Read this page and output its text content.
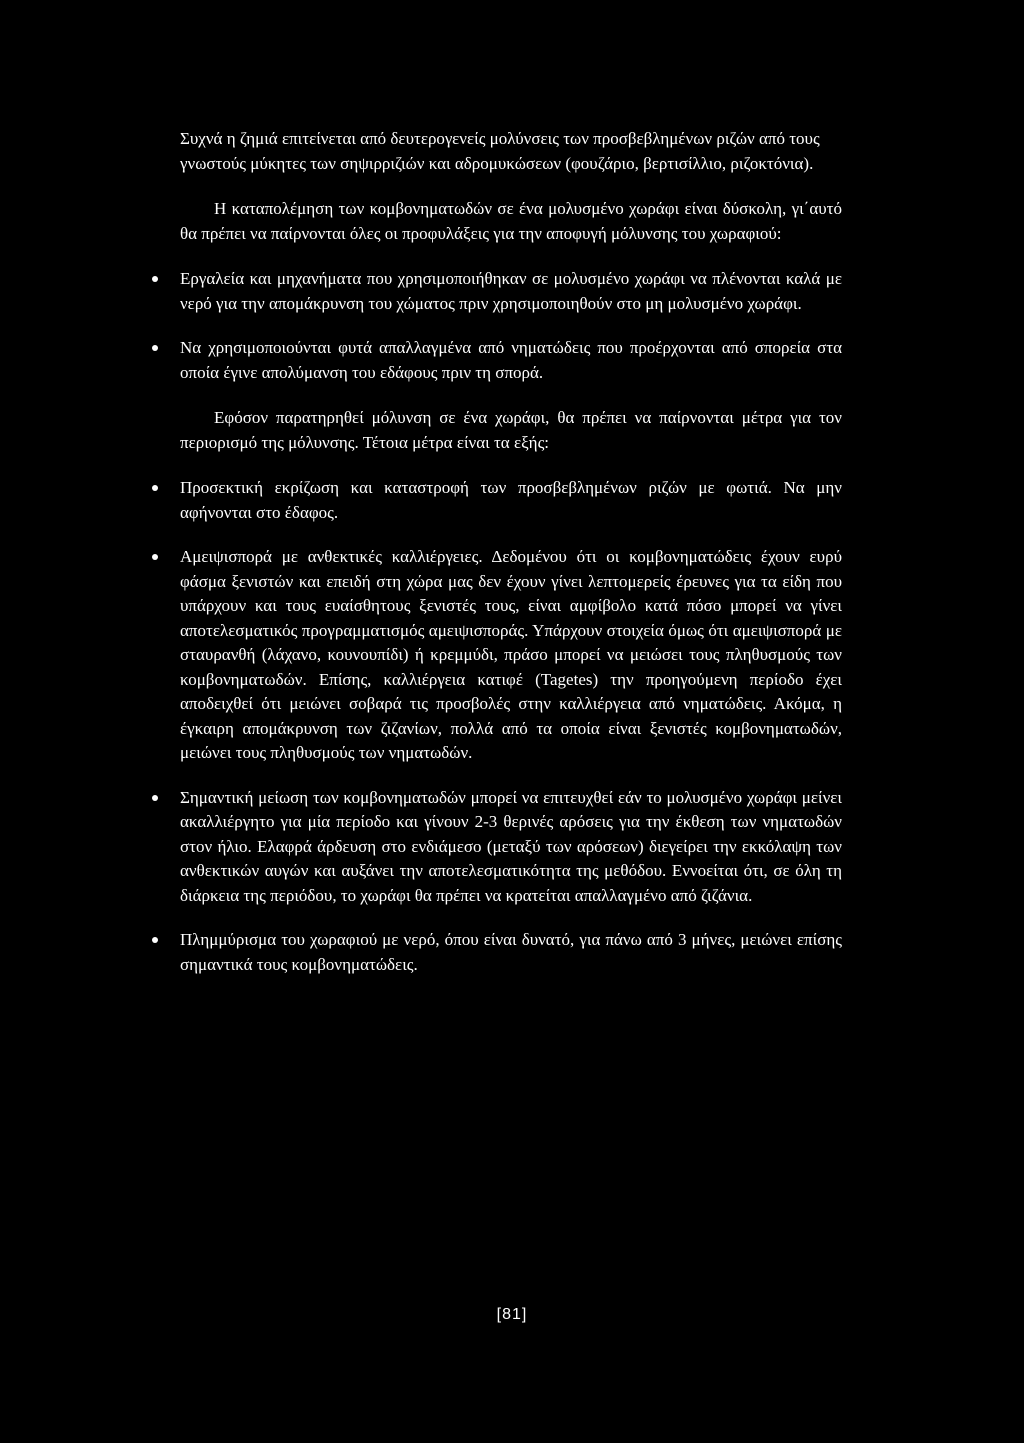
Συχνά η ζημιά επιτείνεται από δευτερογενείς μολύνσεις των προσβεβλημένων ριζών από τους γνωστούς μύκητες των σηψιρριζιών και αδρομυκώσεων (φουζάριο, βερτισίλλιο, ριζοκτόνια).

Η καταπολέμηση των κομβονηματωδών σε ένα μολυσμένο χωράφι είναι δύσκολη, γι΄αυτό θα πρέπει να παίρνονται όλες οι προφυλάξεις για την αποφυγή μόλυνσης του χωραφιού:

Εργαλεία και μηχανήματα που χρησιμοποιήθηκαν σε μολυσμένο χωράφι να πλένονται καλά με νερό για την απομάκρυνση του χώματος πριν χρησιμοποιηθούν στο μη μολυσμένο χωράφι.
Να χρησιμοποιούνται φυτά απαλλαγμένα από νηματώδεις που προέρχονται από σπορεία στα οποία έγινε απολύμανση του εδάφους πριν τη σπορά.

Εφόσον παρατηρηθεί μόλυνση σε ένα χωράφι, θα πρέπει να παίρνονται μέτρα για τον περιορισμό της μόλυνσης. Τέτοια μέτρα είναι τα εξής:

Προσεκτική εκρίζωση και καταστροφή των προσβεβλημένων ριζών με φωτιά. Να μην αφήνονται στο έδαφος.
Αμειψισπορά με ανθεκτικές καλλιέργειες. Δεδομένου ότι οι κομβονηματώδεις έχουν ευρύ φάσμα ξενιστών και επειδή στη χώρα μας δεν έχουν γίνει λεπτομερείς έρευνες για τα είδη που υπάρχουν και τους ευαίσθητους ξενιστές τους, είναι αμφίβολο κατά πόσο μπορεί να γίνει αποτελεσματικός προγραμματισμός αμειψισποράς. Υπάρχουν στοιχεία όμως ότι αμειψισπορά με σταυρανθή (λάχανο, κουνουπίδι) ή κρεμμύδι, πράσο μπορεί να μειώσει τους πληθυσμούς των κομβονηματωδών. Επίσης, καλλιέργεια κατιφέ (Tagetes) την προηγούμενη περίοδο έχει αποδειχθεί ότι μειώνει σοβαρά τις προσβολές στην καλλιέργεια από νηματώδεις. Ακόμα, η έγκαιρη απομάκρυνση των ζιζανίων, πολλά από τα οποία είναι ξενιστές κομβονηματωδών, μειώνει τους πληθυσμούς των νηματωδών.
Σημαντική μείωση των κομβονηματωδών μπορεί να επιτευχθεί εάν το μολυσμένο χωράφι μείνει ακαλλιέργητο για μία περίοδο και γίνουν 2-3 θερινές αρόσεις για την έκθεση των νηματωδών στον ήλιο. Ελαφρά άρδευση στο ενδιάμεσο (μεταξύ των αρόσεων) διεγείρει την εκκόλαψη των ανθεκτικών αυγών και αυξάνει την αποτελεσματικότητα της μεθόδου. Εννοείται ότι, σε όλη τη διάρκεια της περιόδου, το χωράφι θα πρέπει να κρατείται απαλλαγμένο από ζιζάνια.
Πλημμύρισμα του χωραφιού με νερό, όπου είναι δυνατό, για πάνω από 3 μήνες, μειώνει επίσης σημαντικά τους κομβονηματώδεις.
[81]
